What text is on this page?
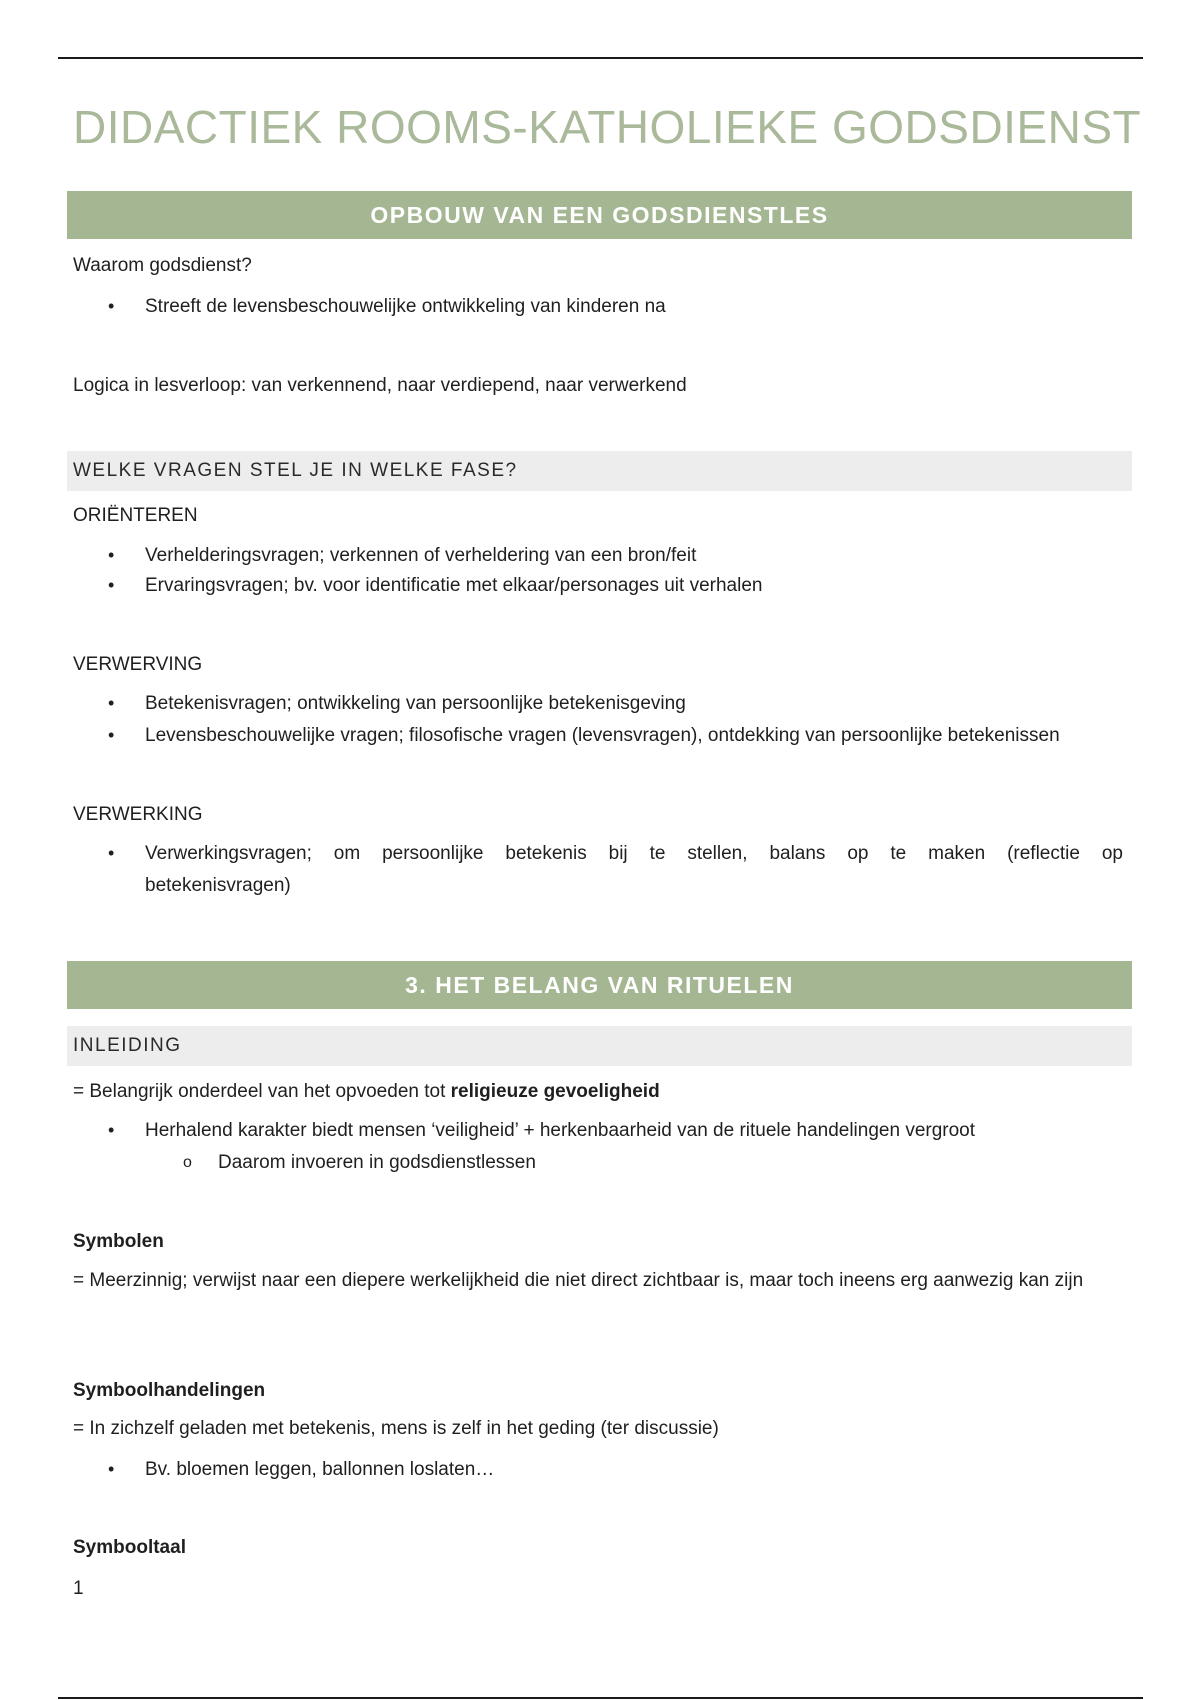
DIDACTIEK ROOMS-KATHOLIEKE GODSDIENST
OPBOUW VAN EEN GODSDIENSTLES
Waarom godsdienst?
• Streeft de levensbeschouwelijke ontwikkeling van kinderen na
Logica in lesverloop: van verkennend, naar verdiepend, naar verwerkend
WELKE VRAGEN STEL JE IN WELKE FASE?
ORIËNTEREN
• Verhelderingsvragen; verkennen of verheldering van een bron/feit
• Ervaringsvragen; bv. voor identificatie met elkaar/personages uit verhalen
VERWERVING
• Betekenisvragen; ontwikkeling van persoonlijke betekenisgeving
• Levensbeschouwelijke vragen; filosofische vragen (levensvragen), ontdekking van persoonlijke betekenissen
VERWERKING
• Verwerkingsvragen; om persoonlijke betekenis bij te stellen, balans op te maken (reflectie op
betekenisvragen)
3. HET BELANG VAN RITUELEN
INLEIDING
= Belangrijk onderdeel van het opvoeden tot religieuze gevoeligheid
• Herhalend karakter biedt mensen ‘veiligheid’ + herkenbaarheid van de rituele handelingen vergroot
o Daarom invoeren in godsdienstlessen
Symbolen
= Meerzinnig; verwijst naar een diepere werkelijkheid die niet direct zichtbaar is, maar toch ineens erg aanwezig kan zijn
Symboolhandelingen
= In zichzelf geladen met betekenis, mens is zelf in het geding (ter discussie)
• Bv. bloemen leggen, ballonnen loslaten…
Symbooltaal
1
